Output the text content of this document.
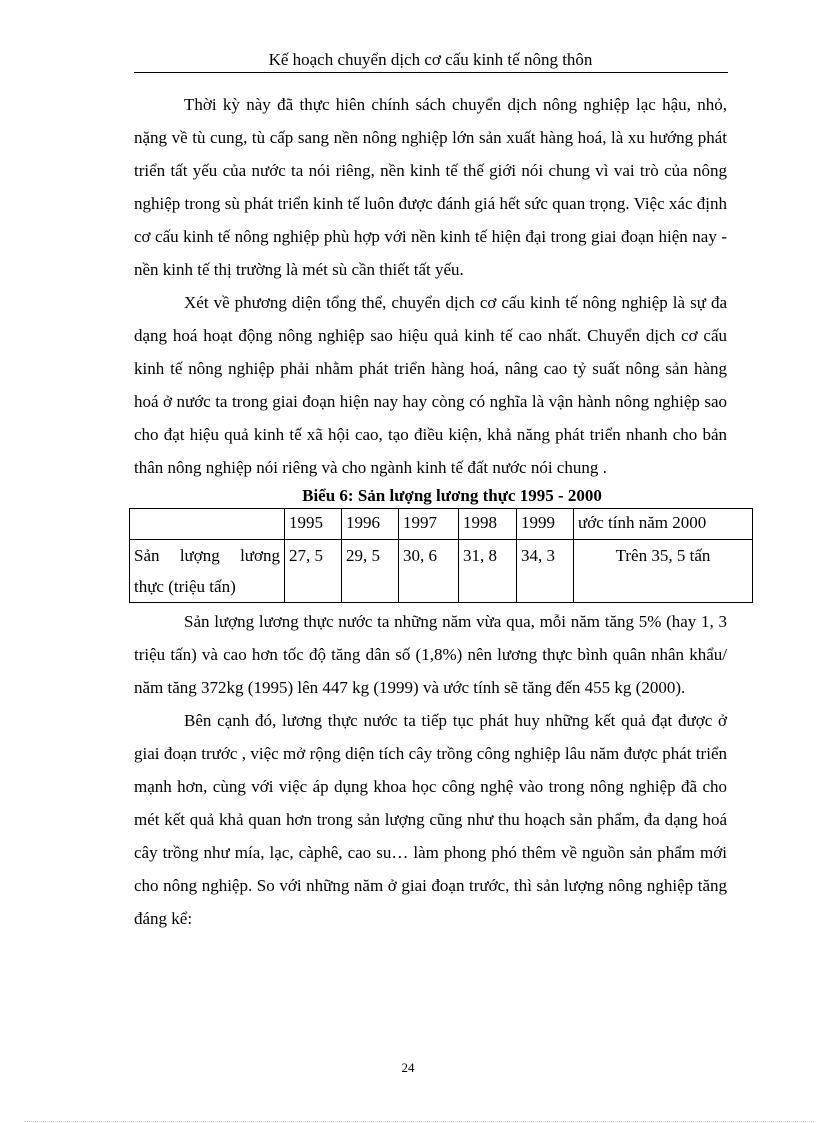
Kế hoạch chuyển dịch cơ cấu kinh tế nông thôn

Thời kỳ này đã thực hiên chính sách chuyển dịch nông nghiệp lạc hậu, nhỏ, nặng về tù cung, tù cấp sang nền nông nghiệp lớn sản xuất hàng hoá, là xu hướng phát triển tất yếu của nước ta nói riêng, nền kinh tế thế giới nói chung vì vai trò của nông nghiệp trong sù phát triển kinh tế luôn được đánh giá hết sức quan trọng. Việc xác định cơ cấu kinh tế nông nghiệp phù hợp với nền kinh tế hiện đại trong giai đoạn hiện nay - nền kinh tế thị trường là mét sù cần thiết tất yếu.

Xét về phương diện tổng thể, chuyển dịch cơ cấu kinh tế nông nghiệp là sự đa dạng hoá hoạt động nông nghiệp sao hiệu quả kinh tế cao nhất. Chuyển dịch cơ cấu kinh tế nông nghiệp phải nhằm phát triển hàng hoá, nâng cao tỷ suất nông sản hàng hoá ở nước ta trong giai đoạn hiện nay hay còng có nghĩa là vận hành nông nghiệp sao cho đạt hiệu quả kinh tế xã hội cao, tạo điều kiện, khả năng phát triển nhanh cho bản thân nông nghiệp nói riêng và cho ngành kinh tế đất nước nói chung .

Biểu 6: Sản lượng lương thực 1995 - 2000

	1995	1996	1997	1998	1999	ước tính năm 2000
Sản lượng lương thực (triệu tấn)	27, 5	29, 5	30, 6	31, 8	34, 3	Trên 35, 5 tấn

Sản lượng lương thực nước ta những năm vừa qua, mỗi năm tăng 5% (hay 1, 3 triệu tấn) và cao hơn tốc độ tăng dân số (1,8%) nên lương thực bình quân nhân khẩu/ năm tăng 372kg (1995) lên 447 kg (1999) và ước tính sẽ tăng đến 455 kg (2000).

Bên cạnh đó, lương thực nước ta tiếp tục phát huy những kết quả đạt được ở giai đoạn trước , việc mở rộng diện tích cây trồng công nghiệp lâu năm được phát triển mạnh hơn, cùng với việc áp dụng khoa học công nghệ vào trong nông nghiệp đã cho mét kết quả khả quan hơn trong sản lượng cũng như thu hoạch sản phẩm, đa dạng hoá cây trồng như mía, lạc, càphê, cao su… làm phong phó thêm về nguồn sản phẩm mới cho nông nghiệp. So với những năm ở giai đoạn trước, thì sản lượng nông nghiệp tăng đáng kể:

24
